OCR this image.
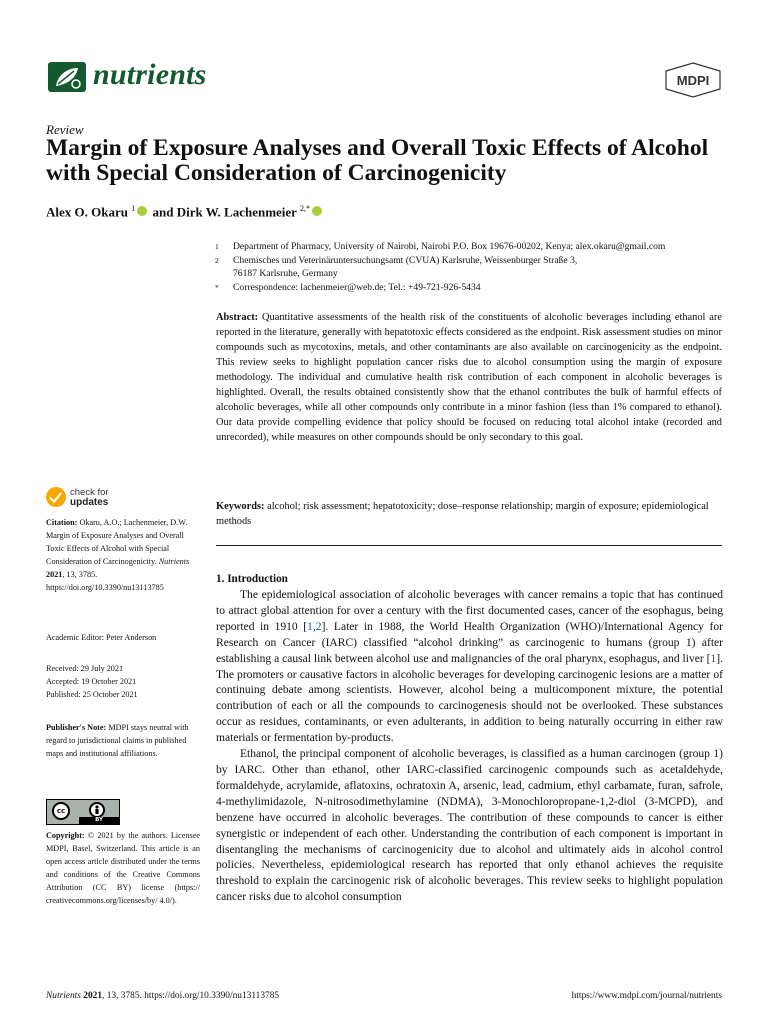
nutrients	MDPI
Review
Margin of Exposure Analyses and Overall Toxic Effects of Alcohol with Special Consideration of Carcinogenicity
Alex O. Okaru $^1$ and Dirk W. Lachenmeier $^{2,*}$
1	Department of Pharmacy, University of Nairobi, Nairobi P.O. Box 19676-00202, Kenya; alex.okaru@gmail.com
2	Chemisches und Veterinäruntersuchungsamt (CVUA) Karlsruhe, Weissenburger Straße 3,
76187 Karlsruhe, Germany
*	Correspondence: lachenmeier@web.de; Tel.: +49-721-926-5434
Abstract: Quantitative assessments of the health risk of the constituents of alcoholic beverages including ethanol are reported in the literature, generally with hepatotoxic effects considered as the endpoint. Risk assessment studies on minor compounds such as mycotoxins, metals, and other contaminants are also available on carcinogenicity as the endpoint. This review seeks to highlight population cancer risks due to alcohol consumption using the margin of exposure methodology. The individual and cumulative health risk contribution of each component in alcoholic beverages is highlighted. Overall, the results obtained consistently show that the ethanol contributes the bulk of harmful effects of alcoholic beverages, while all other compounds only contribute in a minor fashion (less than 1% compared to ethanol). Our data provide compelling evidence that policy should be focused on reducing total alcohol intake (recorded and unrecorded), while measures on other compounds should be only secondary to this goal.
Keywords: alcohol; risk assessment; hepatotoxicity; dose–response relationship; margin of exposure; epidemiological methods
check for
updates
Citation: Okaru, A.O.; Lachenmeier, D.W. Margin of Exposure Analyses and Overall Toxic Effects of Alcohol with Special Consideration of Carcinogenicity. Nutrients 2021, 13, 3785. https://doi.org/10.3390/nu13113785
Academic Editor: Peter Anderson
Received: 29 July 2021
Accepted: 19 October 2021
Published: 25 October 2021
Publisher's Note: MDPI stays neutral with regard to jurisdictional claims in published maps and institutional affiliations.
cc
BY
Copyright: © 2021 by the authors. Licensee MDPI, Basel, Switzerland. This article is an open access article distributed under the terms and conditions of the Creative Commons Attribution (CC BY) license (https:// creativecommons.org/licenses/by/ 4.0/).
1. Introduction

The epidemiological association of alcoholic beverages with cancer remains a topic that has continued to attract global attention for over a century with the first documented cases, cancer of the esophagus, being reported in 1910 [1,2]. Later in 1988, the World Health Organization (WHO)/International Agency for Research on Cancer (IARC) classified “alcohol drinking” as carcinogenic to humans (group 1) after establishing a causal link between alcohol use and malignancies of the oral pharynx, esophagus, and liver [1]. The promoters or causative factors in alcoholic beverages for developing carcinogenic lesions are a matter of continuing debate among scientists. However, alcohol being a multicomponent mixture, the potential contribution of each or all the compounds to carcinogenesis should not be overlooked. These substances occur as residues, contaminants, or even adulterants, in addition to being naturally occurring in either raw materials or fermentation by-products.

Ethanol, the principal component of alcoholic beverages, is classified as a human carcinogen (group 1) by IARC. Other than ethanol, other IARC-classified carcinogenic compounds such as acetaldehyde, formaldehyde, acrylamide, aflatoxins, ochratoxin A, arsenic, lead, cadmium, ethyl carbamate, furan, safrole, 4-methylimidazole, N-nitrosodimethylamine (NDMA), 3-Monochloropropane-1,2-diol (3-MCPD), and benzene have occurred in alcoholic beverages. The contribution of these compounds to cancer is either synergistic or independent of each other. Understanding the contribution of each component is important in disentangling the mechanisms of carcinogenicity due to alcohol and ultimately aids in alcohol control policies. Nevertheless, epidemiological research has reported that only ethanol achieves the requisite threshold to explain the carcinogenic risk of alcoholic beverages. This review seeks to highlight population cancer risks due to alcohol consumption

Nutrients 2021, 13, 3785. https://doi.org/10.3390/nu13113785	https://www.mdpi.com/journal/nutrients
